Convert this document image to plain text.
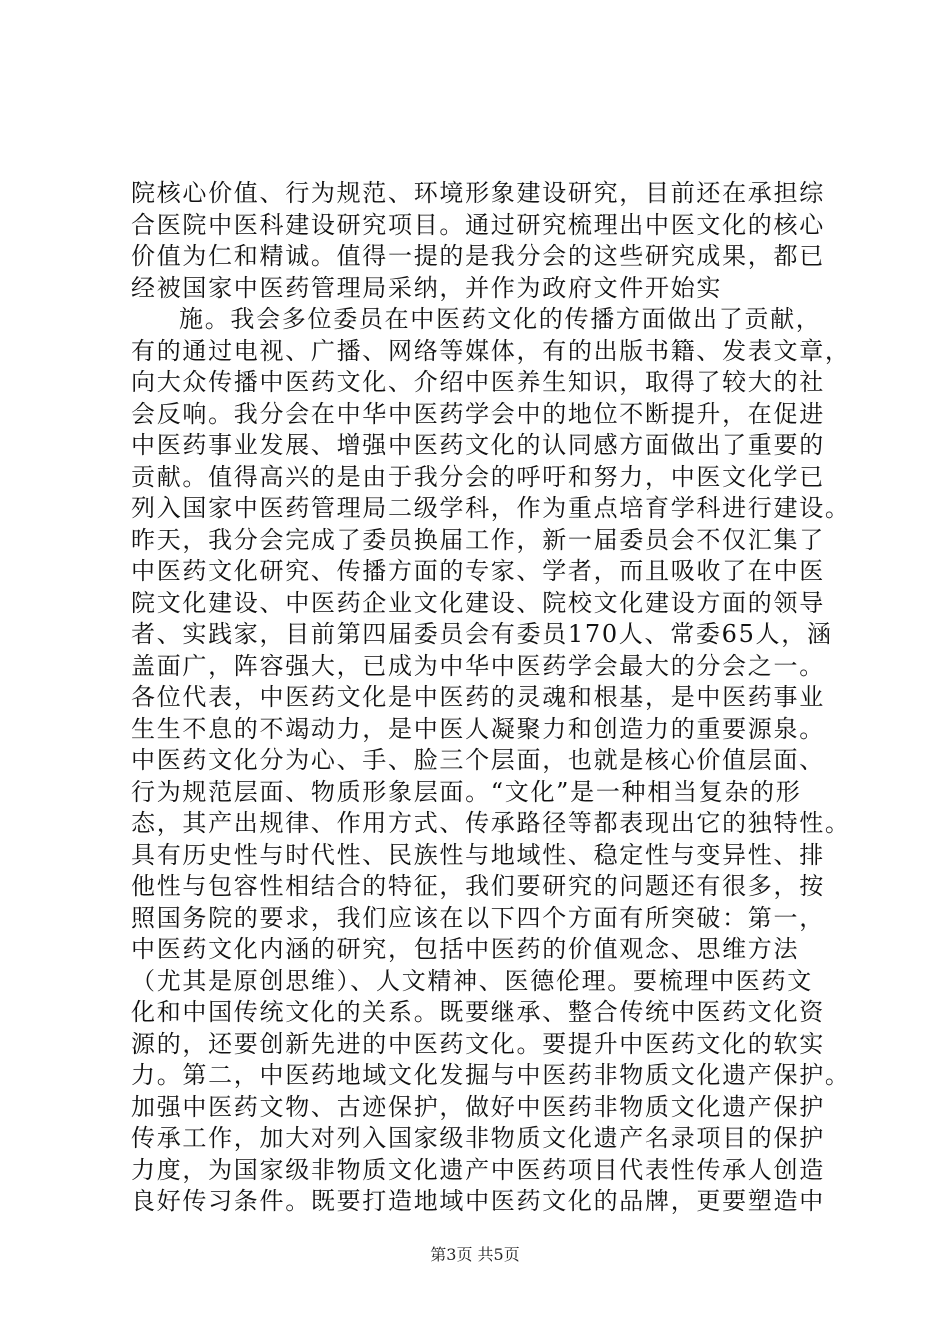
院核心价值、行为规范、环境形象建设研究，目前还在承担综
合医院中医科建设研究项目。通过研究梳理出中医文化的核心
价值为仁和精诚。值得一提的是我分会的这些研究成果，都已
经被国家中医药管理局采纳，并作为政府文件开始实
施。我会多位委员在中医药文化的传播方面做出了贡献，
有的通过电视、广播、网络等媒体，有的出版书籍、发表文章，
向大众传播中医药文化、介绍中医养生知识，取得了较大的社
会反响。我分会在中华中医药学会中的地位不断提升，在促进
中医药事业发展、增强中医药文化的认同感方面做出了重要的
贡献。值得高兴的是由于我分会的呼吁和努力，中医文化学已
列入国家中医药管理局二级学科，作为重点培育学科进行建设。
昨天，我分会完成了委员换届工作，新一届委员会不仅汇集了
中医药文化研究、传播方面的专家、学者，而且吸收了在中医
院文化建设、中医药企业文化建设、院校文化建设方面的领导
者、实践家，目前第四届委员会有委员170人、常委65人，涵
盖面广，阵容强大，已成为中华中医药学会最大的分会之一。
各位代表，中医药文化是中医药的灵魂和根基，是中医药事业
生生不息的不竭动力，是中医人凝聚力和创造力的重要源泉。
中医药文化分为心、手、脸三个层面，也就是核心价值层面、
行为规范层面、物质形象层面。“文化”是一种相当复杂的形
态，其产出规律、作用方式、传承路径等都表现出它的独特性。
具有历史性与时代性、民族性与地域性、稳定性与变异性、排
他性与包容性相结合的特征，我们要研究的问题还有很多，按
照国务院的要求，我们应该在以下四个方面有所突破：第一，
中医药文化内涵的研究，包括中医药的价值观念、思维方法
（尤其是原创思维）、人文精神、医德伦理。要梳理中医药文
化和中国传统文化的关系。既要继承、整合传统中医药文化资
源的，还要创新先进的中医药文化。要提升中医药文化的软实
力。第二，中医药地域文化发掘与中医药非物质文化遗产保护。
加强中医药文物、古迹保护，做好中医药非物质文化遗产保护
传承工作，加大对列入国家级非物质文化遗产名录项目的保护
力度，为国家级非物质文化遗产中医药项目代表性传承人创造
良好传习条件。既要打造地域中医药文化的品牌，更要塑造中
第3页 共5页
